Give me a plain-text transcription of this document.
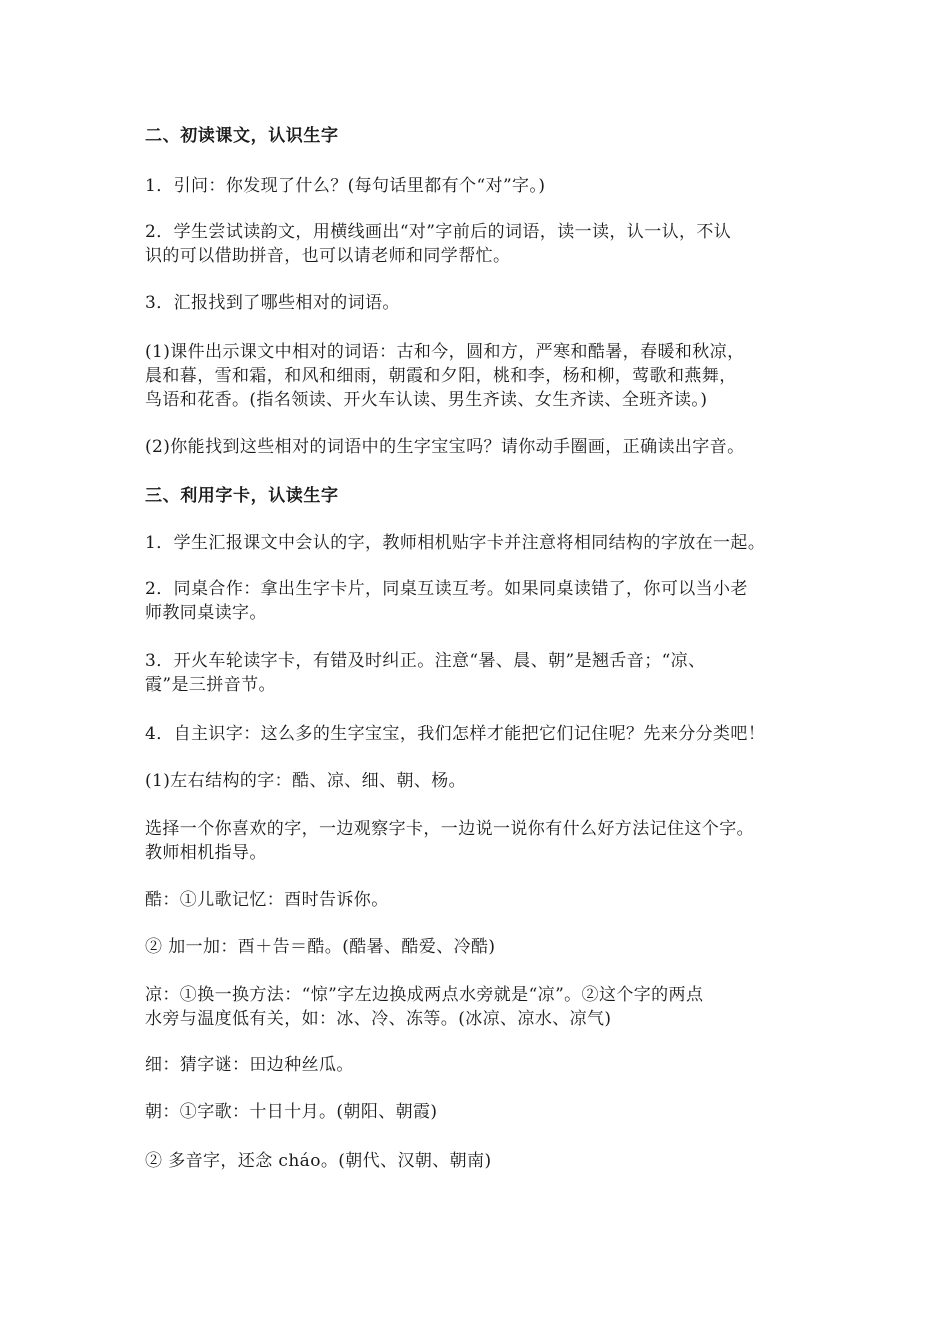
二、初读课文，认识生字
1．引问：你发现了什么？(每句话里都有个“对”字。)
2．学生尝试读韵文，用横线画出“对”字前后的词语，读一读，认一认，不认
识的可以借助拼音，也可以请老师和同学帮忙。
3．汇报找到了哪些相对的词语。
(1)课件出示课文中相对的词语：古和今，圆和方，严寒和酷暑，春暖和秋凉，
晨和暮，雪和霜，和风和细雨，朝霞和夕阳，桃和李，杨和柳，莺歌和燕舞，
鸟语和花香。(指名领读、开火车认读、男生齐读、女生齐读、全班齐读。)
(2)你能找到这些相对的词语中的生字宝宝吗？请你动手圈画，正确读出字音。
三、利用字卡，认读生字
1．学生汇报课文中会认的字，教师相机贴字卡并注意将相同结构的字放在一起。
2．同桌合作：拿出生字卡片，同桌互读互考。如果同桌读错了，你可以当小老
师教同桌读字。
3．开火车轮读字卡，有错及时纠正。注意“暑、晨、朝”是翘舌音；“凉、
霞”是三拼音节。
4．自主识字：这么多的生字宝宝，我们怎样才能把它们记住呢？先来分分类吧！
(1)左右结构的字：酷、凉、细、朝、杨。
选择一个你喜欢的字，一边观察字卡，一边说一说你有什么好方法记住这个字。
教师相机指导。
酷：①儿歌记忆：酉时告诉你。
② 加一加：酉＋告＝酷。(酷暑、酷爱、冷酷)
凉：①换一换方法：“惊”字左边换成两点水旁就是“凉”。②这个字的两点
水旁与温度低有关，如：冰、冷、冻等。(冰凉、凉水、凉气)
细：猜字谜：田边种丝瓜。
朝：①字歌：十日十月。(朝阳、朝霞)
② 多音字，还念 cháo。(朝代、汉朝、朝南)
